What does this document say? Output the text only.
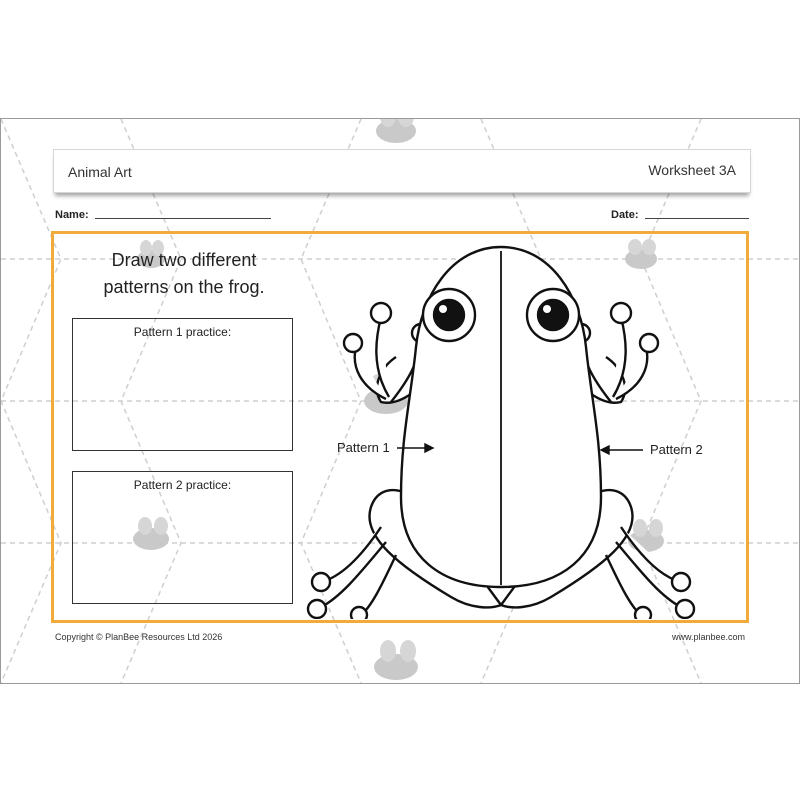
Animal Art	Worksheet 3A
Name:	Date:
Draw two different
patterns on the frog.
Pattern 1 practice:
Pattern 2 practice:
Pattern 1	Pattern 2
Copyright © PlanBee Resources Ltd 2026	www.planbee.com
